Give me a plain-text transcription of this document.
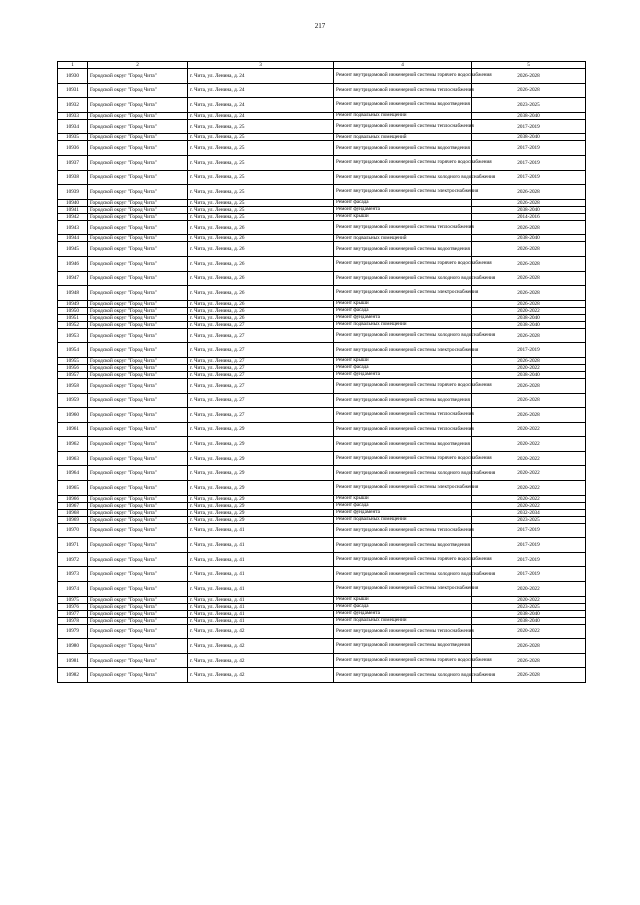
217
1	2	3	4	5
10930	Городской округ "Город Чита"	г. Чита, ул. Ленина, д. 24	Ремонт внутридомовой инженерной системы горячего водоснабжения	2026-2028
10931	Городской округ "Город Чита"	г. Чита, ул. Ленина, д. 24	Ремонт внутридомовой инженерной системы теплоснабжения	2026-2028
10932	Городской округ "Город Чита"	г. Чита, ул. Ленина, д. 24	Ремонт внутридомовой инженерной системы водоотведения	2023-2025
10933	Городской округ "Город Чита"	г. Чита, ул. Ленина, д. 24	Ремонт подвальных помещений	2038-2040
10934	Городской округ "Город Чита"	г. Чита, ул. Ленина, д. 25	Ремонт внутридомовой инженерной системы теплоснабжения	2017-2019
10935	Городской округ "Город Чита"	г. Чита, ул. Ленина, д. 25	Ремонт подвальных помещений	2038-2040
10936	Городской округ "Город Чита"	г. Чита, ул. Ленина, д. 25	Ремонт внутридомовой инженерной системы водоотведения	2017-2019
10937	Городской округ "Город Чита"	г. Чита, ул. Ленина, д. 25	Ремонт внутридомовой инженерной системы горячего водоснабжения	2017-2019
10938	Городской округ "Город Чита"	г. Чита, ул. Ленина, д. 25	Ремонт внутридомовой инженерной системы холодного водоснабжения	2017-2019
10939	Городской округ "Город Чита"	г. Чита, ул. Ленина, д. 25	Ремонт внутридомовой инженерной системы электроснабжения	2026-2028
10940	Городской округ "Город Чита"	г. Чита, ул. Ленина, д. 25	Ремонт фасада	2026-2028
10941	Городской округ "Город Чита"	г. Чита, ул. Ленина, д. 25	Ремонт фундамента	2038-2040
10942	Городской округ "Город Чита"	г. Чита, ул. Ленина, д. 25	Ремонт крыши	2014-2016
10943	Городской округ "Город Чита"	г. Чита, ул. Ленина, д. 26	Ремонт внутридомовой инженерной системы теплоснабжения	2026-2028
10944	Городской округ "Город Чита"	г. Чита, ул. Ленина, д. 26	Ремонт подвальных помещений	2038-2040
10945	Городской округ "Город Чита"	г. Чита, ул. Ленина, д. 26	Ремонт внутридомовой инженерной системы водоотведения	2026-2028
10946	Городской округ "Город Чита"	г. Чита, ул. Ленина, д. 26	Ремонт внутридомовой инженерной системы горячего водоснабжения	2026-2028
10947	Городской округ "Город Чита"	г. Чита, ул. Ленина, д. 26	Ремонт внутридомовой инженерной системы холодного водоснабжения	2026-2028
10948	Городской округ "Город Чита"	г. Чита, ул. Ленина, д. 26	Ремонт внутридомовой инженерной системы электроснабжения	2026-2028
10949	Городской округ "Город Чита"	г. Чита, ул. Ленина, д. 26	Ремонт крыши	2026-2028
10950	Городской округ "Город Чита"	г. Чита, ул. Ленина, д. 26	Ремонт фасада	2020-2022
10951	Городской округ "Город Чита"	г. Чита, ул. Ленина, д. 26	Ремонт фундамента	2038-2040
10952	Городской округ "Город Чита"	г. Чита, ул. Ленина, д. 27	Ремонт подвальных помещений	2038-2040
10953	Городской округ "Город Чита"	г. Чита, ул. Ленина, д. 27	Ремонт внутридомовой инженерной системы холодного водоснабжения	2026-2028
10954	Городской округ "Город Чита"	г. Чита, ул. Ленина, д. 27	Ремонт внутридомовой инженерной системы электроснабжения	2017-2019
10955	Городской округ "Город Чита"	г. Чита, ул. Ленина, д. 27	Ремонт крыши	2026-2028
10956	Городской округ "Город Чита"	г. Чита, ул. Ленина, д. 27	Ремонт фасада	2020-2022
10957	Городской округ "Город Чита"	г. Чита, ул. Ленина, д. 27	Ремонт фундамента	2038-2040
10958	Городской округ "Город Чита"	г. Чита, ул. Ленина, д. 27	Ремонт внутридомовой инженерной системы горячего водоснабжения	2026-2028
10959	Городской округ "Город Чита"	г. Чита, ул. Ленина, д. 27	Ремонт внутридомовой инженерной системы водоотведения	2026-2028
10960	Городской округ "Город Чита"	г. Чита, ул. Ленина, д. 27	Ремонт внутридомовой инженерной системы теплоснабжения	2026-2028
10961	Городской округ "Город Чита"	г. Чита, ул. Ленина, д. 29	Ремонт внутридомовой инженерной системы теплоснабжения	2020-2022
10962	Городской округ "Город Чита"	г. Чита, ул. Ленина, д. 29	Ремонт внутридомовой инженерной системы водоотведения	2020-2022
10963	Городской округ "Город Чита"	г. Чита, ул. Ленина, д. 29	Ремонт внутридомовой инженерной системы горячего водоснабжения	2020-2022
10964	Городской округ "Город Чита"	г. Чита, ул. Ленина, д. 29	Ремонт внутридомовой инженерной системы холодного водоснабжения	2020-2022
10965	Городской округ "Город Чита"	г. Чита, ул. Ленина, д. 29	Ремонт внутридомовой инженерной системы электроснабжения	2020-2022
10966	Городской округ "Город Чита"	г. Чита, ул. Ленина, д. 29	Ремонт крыши	2020-2022
10967	Городской округ "Город Чита"	г. Чита, ул. Ленина, д. 29	Ремонт фасада	2020-2022
10968	Городской округ "Город Чита"	г. Чита, ул. Ленина, д. 29	Ремонт фундамента	2032-2034
10969	Городской округ "Город Чита"	г. Чита, ул. Ленина, д. 29	Ремонт подвальных помещений	2023-2025
10970	Городской округ "Город Чита"	г. Чита, ул. Ленина, д. 41	Ремонт внутридомовой инженерной системы теплоснабжения	2017-2019
10971	Городской округ "Город Чита"	г. Чита, ул. Ленина, д. 41	Ремонт внутридомовой инженерной системы водоотведения	2017-2019
10972	Городской округ "Город Чита"	г. Чита, ул. Ленина, д. 41	Ремонт внутридомовой инженерной системы горячего водоснабжения	2017-2019
10973	Городской округ "Город Чита"	г. Чита, ул. Ленина, д. 41	Ремонт внутридомовой инженерной системы холодного водоснабжения	2017-2019
10974	Городской округ "Город Чита"	г. Чита, ул. Ленина, д. 41	Ремонт внутридомовой инженерной системы электроснабжения	2020-2022
10975	Городской округ "Город Чита"	г. Чита, ул. Ленина, д. 41	Ремонт крыши	2020-2022
10976	Городской округ "Город Чита"	г. Чита, ул. Ленина, д. 41	Ремонт фасада	2023-2025
10977	Городской округ "Город Чита"	г. Чита, ул. Ленина, д. 41	Ремонт фундамента	2038-2040
10978	Городской округ "Город Чита"	г. Чита, ул. Ленина, д. 41	Ремонт подвальных помещений	2038-2040
10979	Городской округ "Город Чита"	г. Чита, ул. Ленина, д. 42	Ремонт внутридомовой инженерной системы теплоснабжения	2020-2022
10980	Городской округ "Город Чита"	г. Чита, ул. Ленина, д. 42	Ремонт внутридомовой инженерной системы водоотведения	2026-2028
10981	Городской округ "Город Чита"	г. Чита, ул. Ленина, д. 42	Ремонт внутридомовой инженерной системы горячего водоснабжения	2026-2028
10982	Городской округ "Город Чита"	г. Чита, ул. Ленина, д. 42	Ремонт внутридомовой инженерной системы холодного водоснабжения	2026-2028
